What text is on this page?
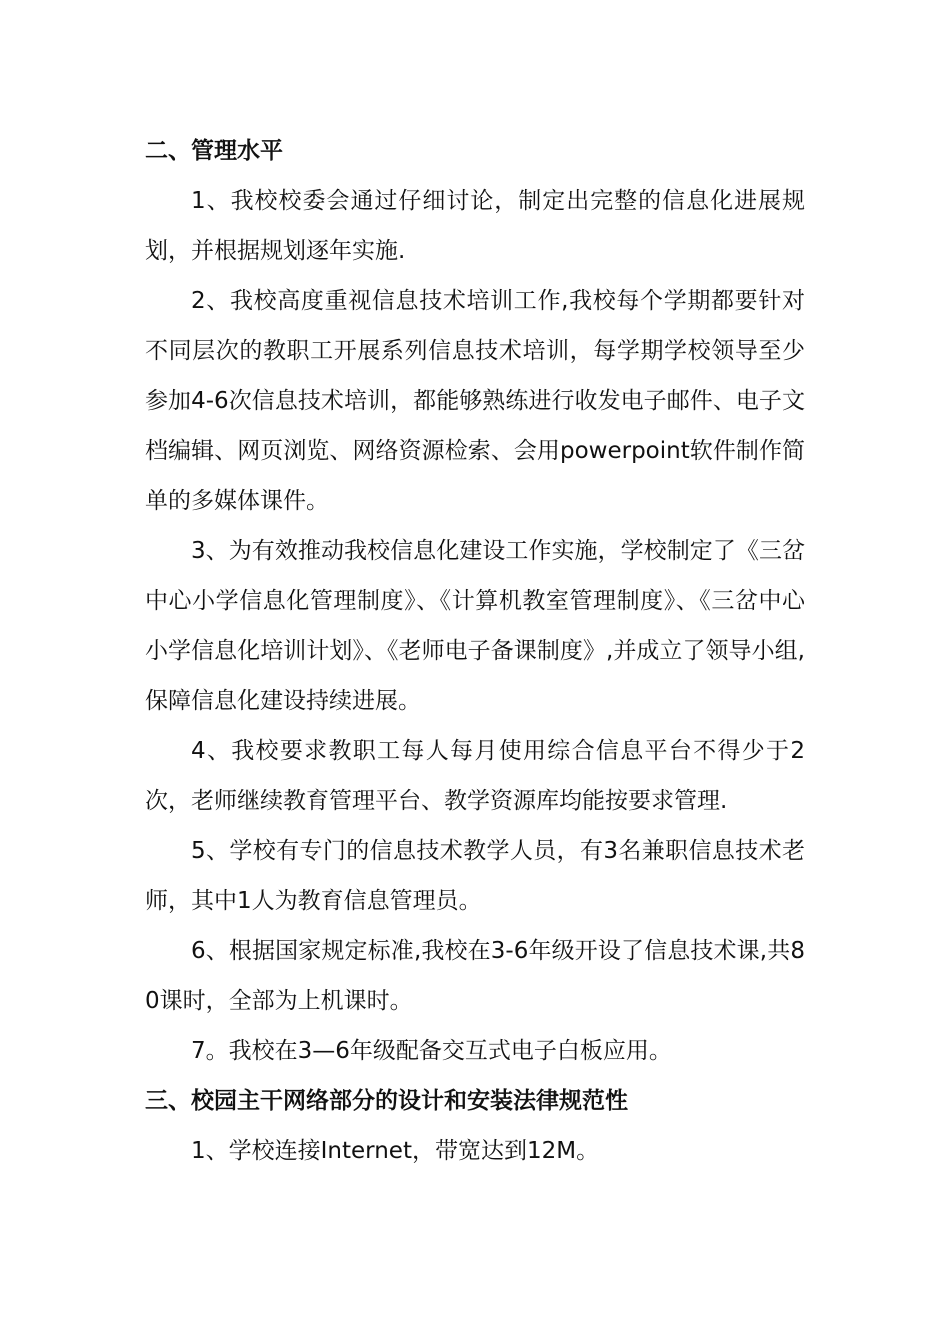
二、管理水平

1、我校校委会通过仔细讨论，制定出完整的信息化进展规划，并根据规划逐年实施.

2、我校高度重视信息技术培训工作,我校每个学期都要针对不同层次的教职工开展系列信息技术培训，每学期学校领导至少参加4-6次信息技术培训，都能够熟练进行收发电子邮件、电子文档编辑、网页浏览、网络资源检索、会用powerpoint软件制作简单的多媒体课件。

3、为有效推动我校信息化建设工作实施，学校制定了《三岔中心小学信息化管理制度》、《计算机教室管理制度》、《三岔中心小学信息化培训计划》、《老师电子备课制度》,并成立了领导小组,保障信息化建设持续进展。

4、我校要求教职工每人每月使用综合信息平台不得少于2次，老师继续教育管理平台、教学资源库均能按要求管理.

5、学校有专门的信息技术教学人员，有3名兼职信息技术老师，其中1人为教育信息管理员。

6、根据国家规定标准,我校在3-6年级开设了信息技术课,共80课时，全部为上机课时。

7。我校在3—6年级配备交互式电子白板应用。

三、校园主干网络部分的设计和安装法律规范性

1、学校连接Internet，带宽达到12M。
